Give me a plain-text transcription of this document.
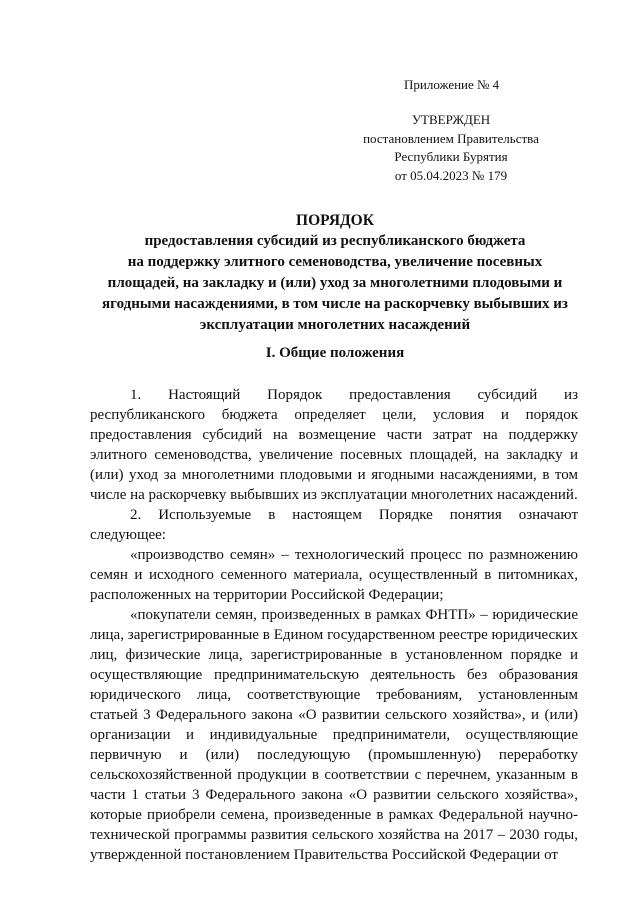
Приложение № 4
УТВЕРЖДЕН
постановлением Правительства
Республики Бурятия
от 05.04.2023 № 179
ПОРЯДОК
предоставления субсидий из республиканского бюджета
на поддержку элитного семеноводства, увеличение посевных
площадей, на закладку и (или) уход за многолетними плодовыми и
ягодными насаждениями, в том числе на раскорчевку выбывших из
эксплуатации многолетних насаждений
I. Общие положения

1. Настоящий Порядок предоставления субсидий из республиканского бюджета определяет цели, условия и порядок предоставления субсидий на возмещение части затрат на поддержку элитного семеноводства, увеличение посевных площадей, на закладку и (или) уход за многолетними плодовыми и ягодными насаждениями, в том числе на раскорчевку выбывших из эксплуатации многолетних насаждений.

2. Используемые в настоящем Порядке понятия означают следующее:

«производство семян» – технологический процесс по размножению семян и исходного семенного материала, осуществленный в питомниках, расположенных на территории Российской Федерации;

«покупатели семян, произведенных в рамках ФНТП» – юридические лица, зарегистрированные в Едином государственном реестре юридических лиц, физические лица, зарегистрированные в установленном порядке и осуществляющие предпринимательскую деятельность без образования юридического лица, соответствующие требованиям, установленным статьей 3 Федерального закона «О развитии сельского хозяйства», и (или) организации и индивидуальные предприниматели, осуществляющие первичную и (или) последующую (промышленную) переработку сельскохозяйственной продукции в соответствии с перечнем, указанным в части 1 статьи 3 Федерального закона «О развитии сельского хозяйства», которые приобрели семена, произведенные в рамках Федеральной научно-технической программы развития сельского хозяйства на 2017 – 2030 годы, утвержденной постановлением Правительства Российской Федерации от
